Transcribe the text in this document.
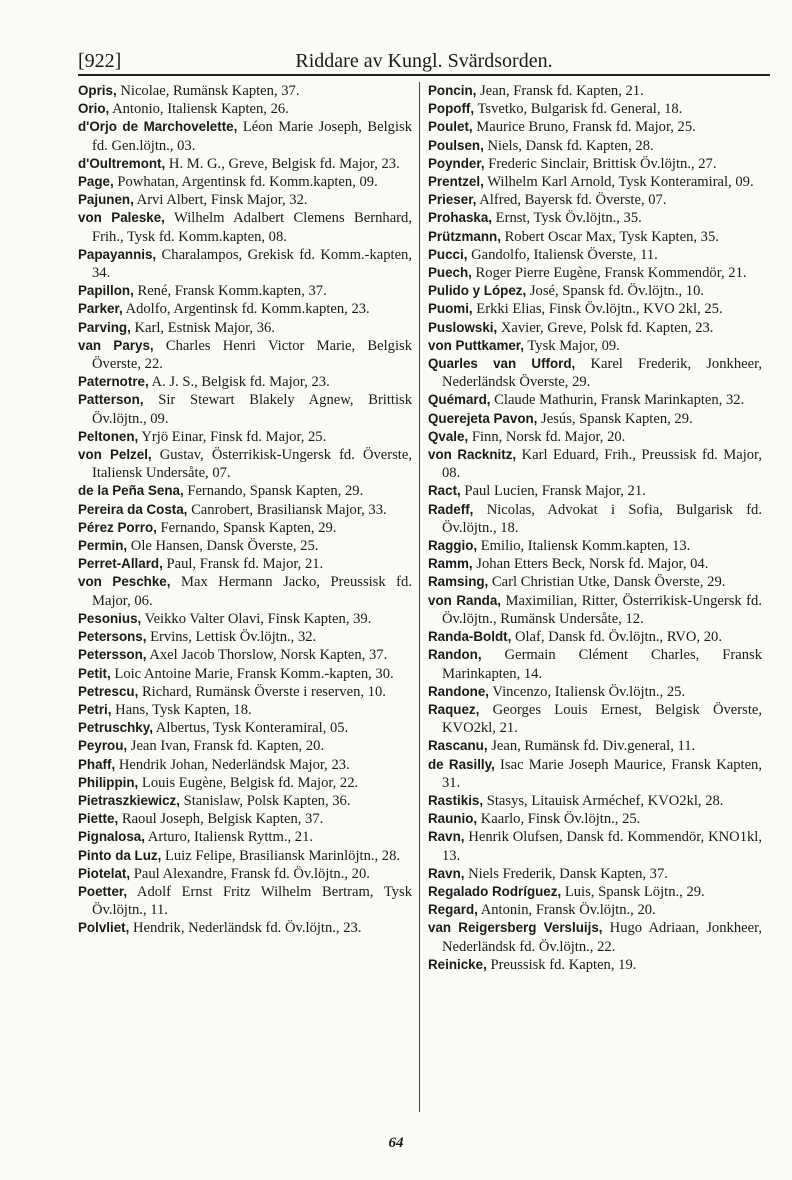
[922]	Riddare av Kungl. Svärdsorden.

Opris, Nicolae, Rumänsk Kapten, 37.

Orio, Antonio, Italiensk Kapten, 26.

d'Orjo de Marchovelette, Léon Marie Joseph, Belgisk fd. Gen.löjtn., 03.

d'Oultremont, H. M. G., Greve, Belgisk fd. Major, 23.

Page, Powhatan, Argentinsk fd. Komm.kapten, 09.

Pajunen, Arvi Albert, Finsk Major, 32.

von Paleske, Wilhelm Adalbert Clemens Bernhard, Frih., Tysk fd. Komm.kapten, 08.

Papayannis, Charalampos, Grekisk fd. Komm.-kapten, 34.

Papillon, René, Fransk Komm.kapten, 37.

Parker, Adolfo, Argentinsk fd. Komm.kapten, 23.

Parving, Karl, Estnisk Major, 36.

van Parys, Charles Henri Victor Marie, Belgisk Överste, 22.

Paternotre, A. J. S., Belgisk fd. Major, 23.

Patterson, Sir Stewart Blakely Agnew, Brittisk Öv.löjtn., 09.

Peltonen, Yrjö Einar, Finsk fd. Major, 25.

von Pelzel, Gustav, Österrikisk-Ungersk fd. Överste, Italiensk Undersåte, 07.

de la Peña Sena, Fernando, Spansk Kapten, 29.

Pereira da Costa, Canrobert, Brasiliansk Major, 33.

Pérez Porro, Fernando, Spansk Kapten, 29.

Permin, Ole Hansen, Dansk Överste, 25.

Perret-Allard, Paul, Fransk fd. Major, 21.

von Peschke, Max Hermann Jacko, Preussisk fd. Major, 06.

Pesonius, Veikko Valter Olavi, Finsk Kapten, 39.

Petersons, Ervins, Lettisk Öv.löjtn., 32.

Petersson, Axel Jacob Thorslow, Norsk Kapten, 37.

Petit, Loic Antoine Marie, Fransk Komm.-kapten, 30.

Petrescu, Richard, Rumänsk Överste i reserven, 10.

Petri, Hans, Tysk Kapten, 18.

Petruschky, Albertus, Tysk Konteramiral, 05.

Peyrou, Jean Ivan, Fransk fd. Kapten, 20.

Phaff, Hendrik Johan, Nederländsk Major, 23.

Philippin, Louis Eugène, Belgisk fd. Major, 22.

Pietraszkiewicz, Stanislaw, Polsk Kapten, 36.

Piette, Raoul Joseph, Belgisk Kapten, 37.

Pignalosa, Arturo, Italiensk Ryttm., 21.

Pinto da Luz, Luiz Felipe, Brasiliansk Marinlöjtn., 28.

Piotelat, Paul Alexandre, Fransk fd. Öv.löjtn., 20.

Poetter, Adolf Ernst Fritz Wilhelm Bertram, Tysk Öv.löjtn., 11.

Polvliet, Hendrik, Nederländsk fd. Öv.löjtn., 23.

Poncin, Jean, Fransk fd. Kapten, 21.

Popoff, Tsvetko, Bulgarisk fd. General, 18.

Poulet, Maurice Bruno, Fransk fd. Major, 25.

Poulsen, Niels, Dansk fd. Kapten, 28.

Poynder, Frederic Sinclair, Brittisk Öv.löjtn., 27.

Prentzel, Wilhelm Karl Arnold, Tysk Konteramiral, 09.

Prieser, Alfred, Bayersk fd. Överste, 07.

Prohaska, Ernst, Tysk Öv.löjtn., 35.

Prützmann, Robert Oscar Max, Tysk Kapten, 35.

Pucci, Gandolfo, Italiensk Överste, 11.

Puech, Roger Pierre Eugène, Fransk Kommendör, 21.

Pulido y López, José, Spansk fd. Öv.löjtn., 10.

Puomi, Erkki Elias, Finsk Öv.löjtn., KVO 2kl, 25.

Puslowski, Xavier, Greve, Polsk fd. Kapten, 23.

von Puttkamer, Tysk Major, 09.

Quarles van Ufford, Karel Frederik, Jonkheer, Nederländsk Överste, 29.

Quémard, Claude Mathurin, Fransk Marinkapten, 32.

Querejeta Pavon, Jesús, Spansk Kapten, 29.

Qvale, Finn, Norsk fd. Major, 20.

von Racknitz, Karl Eduard, Frih., Preussisk fd. Major, 08.

Ract, Paul Lucien, Fransk Major, 21.

Radeff, Nicolas, Advokat i Sofia, Bulgarisk fd. Öv.löjtn., 18.

Raggio, Emilio, Italiensk Komm.kapten, 13.

Ramm, Johan Etters Beck, Norsk fd. Major, 04.

Ramsing, Carl Christian Utke, Dansk Överste, 29.

von Randa, Maximilian, Ritter, Österrikisk-Ungersk fd. Öv.löjtn., Rumänsk Undersåte, 12.

Randa-Boldt, Olaf, Dansk fd. Öv.löjtn., RVO, 20.

Randon, Germain Clément Charles, Fransk Marinkapten, 14.

Randone, Vincenzo, Italiensk Öv.löjtn., 25.

Raquez, Georges Louis Ernest, Belgisk Överste, KVO2kl, 21.

Rascanu, Jean, Rumänsk fd. Div.general, 11.

de Rasilly, Isac Marie Joseph Maurice, Fransk Kapten, 31.

Rastikis, Stasys, Litauisk Arméchef, KVO2kl, 28.

Raunio, Kaarlo, Finsk Öv.löjtn., 25.

Ravn, Henrik Olufsen, Dansk fd. Kommendör, KNO1kl, 13.

Ravn, Niels Frederik, Dansk Kapten, 37.

Regalado Rodríguez, Luis, Spansk Löjtn., 29.

Regard, Antonin, Fransk Öv.löjtn., 20.

van Reigersberg Versluijs, Hugo Adriaan, Jonkheer, Nederländsk fd. Öv.löjtn., 22.

Reinicke, Preussisk fd. Kapten, 19.

64
